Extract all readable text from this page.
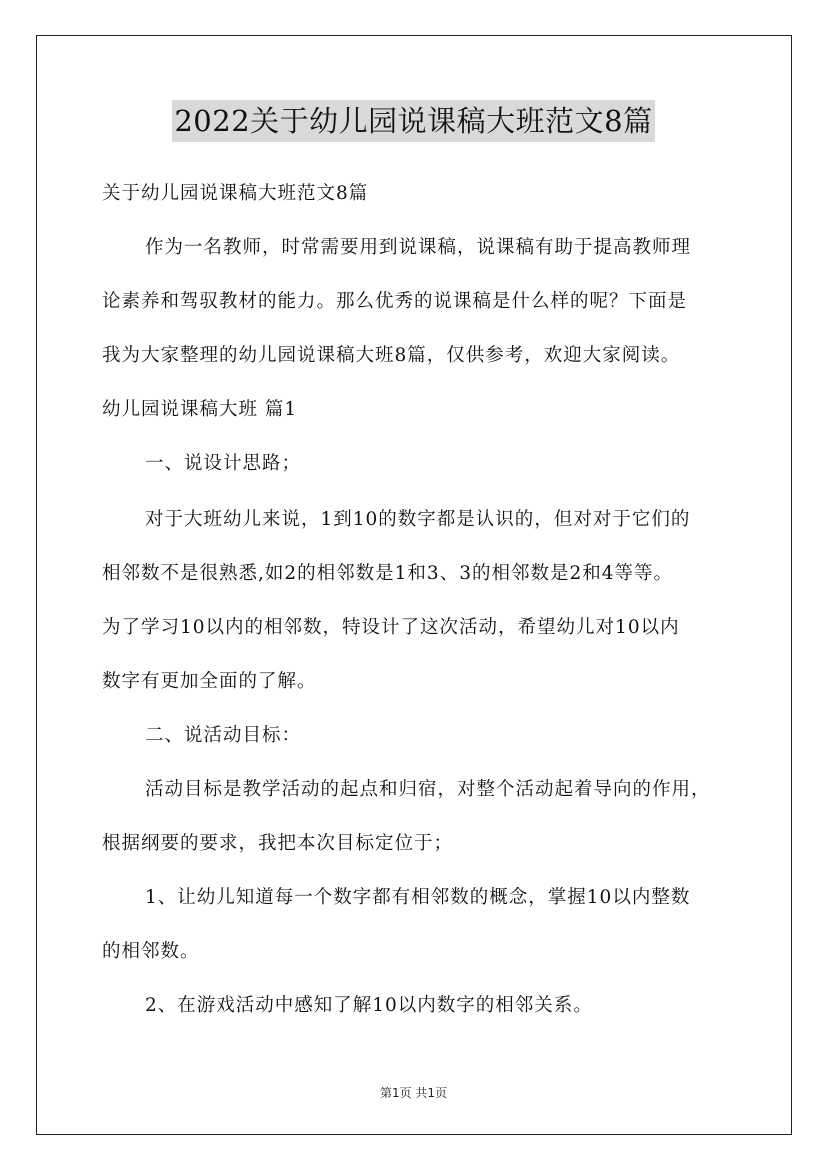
2022关于幼儿园说课稿大班范文8篇
关于幼儿园说课稿大班范文8篇
作为一名教师，时常需要用到说课稿，说课稿有助于提高教师理
论素养和驾驭教材的能力。那么优秀的说课稿是什么样的呢？下面是
我为大家整理的幼儿园说课稿大班8篇，仅供参考，欢迎大家阅读。
幼儿园说课稿大班 篇1
一、说设计思路；
对于大班幼儿来说，1到10的数字都是认识的，但对对于它们的
相邻数不是很熟悉,如2的相邻数是1和3、3的相邻数是2和4等等。
为了学习10以内的相邻数，特设计了这次活动，希望幼儿对10以内
数字有更加全面的了解。
二、说活动目标：
活动目标是教学活动的起点和归宿，对整个活动起着导向的作用，
根据纲要的要求，我把本次目标定位于；
1、让幼儿知道每一个数字都有相邻数的概念，掌握10以内整数
的相邻数。
2、在游戏活动中感知了解10以内数字的相邻关系。
第1页 共1页
